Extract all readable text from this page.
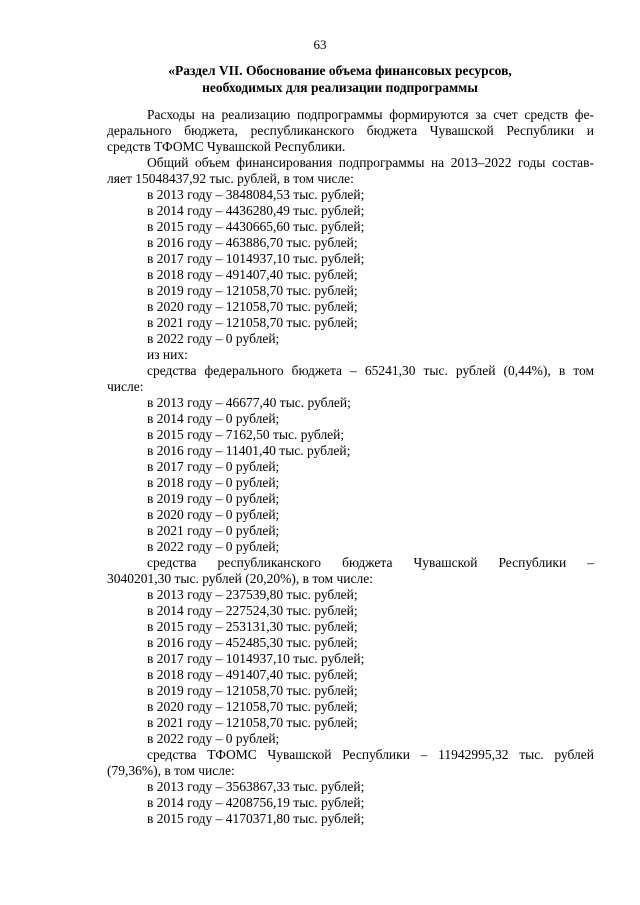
63
«Раздел VII. Обоснование объема финансовых ресурсов,
необходимых для реализации подпрограммы

Расходы на реализацию подпрограммы формируются за счет средств фе-

дерального бюджета, республиканского бюджета Чувашской Республики и

средств ТФОМС Чувашской Республики.

Общий объем финансирования подпрограммы на 2013–2022 годы состав-

ляет 15048437,92 тыс. рублей, в том числе:

в 2013 году – 3848084,53 тыс. рублей;

в 2014 году – 4436280,49 тыс. рублей;

в 2015 году – 4430665,60 тыс. рублей;

в 2016 году – 463886,70 тыс. рублей;

в 2017 году – 1014937,10 тыс. рублей;

в 2018 году – 491407,40 тыс. рублей;

в 2019 году – 121058,70 тыс. рублей;

в 2020 году – 121058,70 тыс. рублей;

в 2021 году – 121058,70 тыс. рублей;

в 2022 году – 0 рублей;

из них:

средства федерального бюджета – 65241,30 тыс. рублей (0,44%), в том

числе:

в 2013 году – 46677,40 тыс. рублей;

в 2014 году – 0 рублей;

в 2015 году – 7162,50 тыс. рублей;

в 2016 году – 11401,40 тыс. рублей;

в 2017 году – 0 рублей;

в 2018 году – 0 рублей;

в 2019 году – 0 рублей;

в 2020 году – 0 рублей;

в 2021 году – 0 рублей;

в 2022 году – 0 рублей;

средства республиканского бюджета Чувашской Республики –

3040201,30 тыс. рублей (20,20%), в том числе:

в 2013 году – 237539,80 тыс. рублей;

в 2014 году – 227524,30 тыс. рублей;

в 2015 году – 253131,30 тыс. рублей;

в 2016 году – 452485,30 тыс. рублей;

в 2017 году – 1014937,10 тыс. рублей;

в 2018 году – 491407,40 тыс. рублей;

в 2019 году – 121058,70 тыс. рублей;

в 2020 году – 121058,70 тыс. рублей;

в 2021 году – 121058,70 тыс. рублей;

в 2022 году – 0 рублей;

средства ТФОМС Чувашской Республики – 11942995,32 тыс. рублей

(79,36%), в том числе:

в 2013 году – 3563867,33 тыс. рублей;

в 2014 году – 4208756,19 тыс. рублей;

в 2015 году – 4170371,80 тыс. рублей;
